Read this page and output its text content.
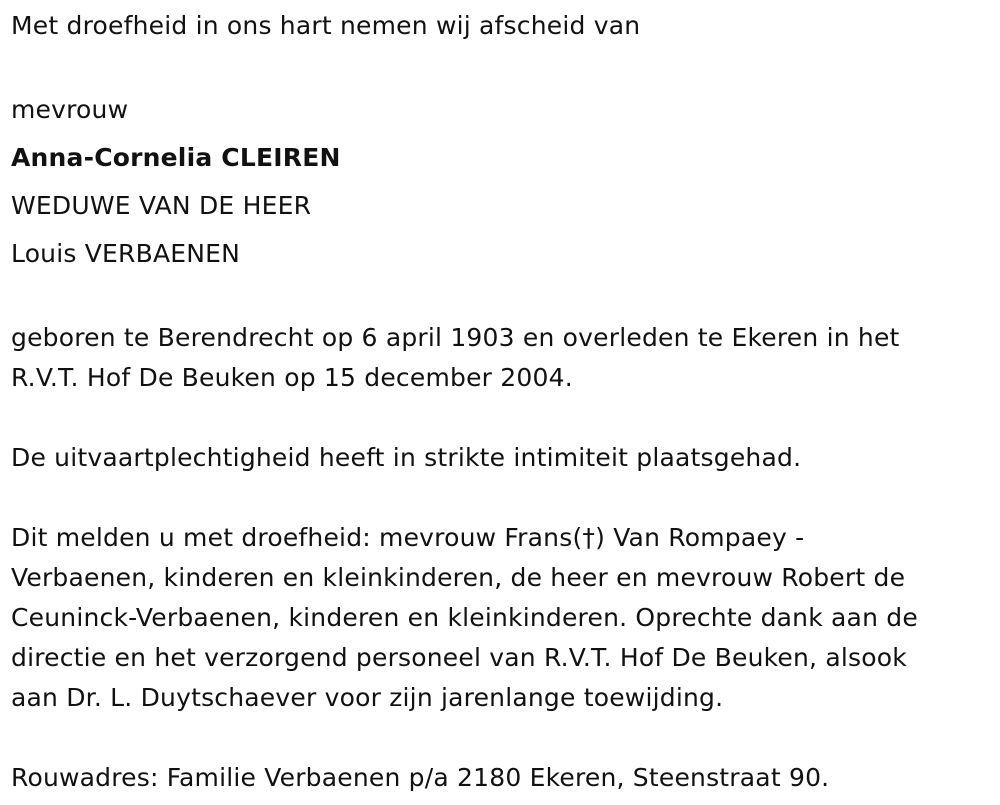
Met droefheid in ons hart nemen wij afscheid van
mevrouw
Anna-Cornelia CLEIREN
WEDUWE VAN DE HEER
Louis VERBAENEN
geboren te Berendrecht op 6 april 1903 en overleden te Ekeren in het
R.V.T. Hof De Beuken op 15 december 2004.
De uitvaartplechtigheid heeft in strikte intimiteit plaatsgehad.
Dit melden u met droefheid: mevrouw Frans(†) Van Rompaey -
Verbaenen, kinderen en kleinkinderen, de heer en mevrouw Robert de
Ceuninck-Verbaenen, kinderen en kleinkinderen. Oprechte dank aan de
directie en het verzorgend personeel van R.V.T. Hof De Beuken, alsook
aan Dr. L. Duytschaever voor zijn jarenlange toewijding.
Rouwadres: Familie Verbaenen p/a 2180 Ekeren, Steenstraat 90.
